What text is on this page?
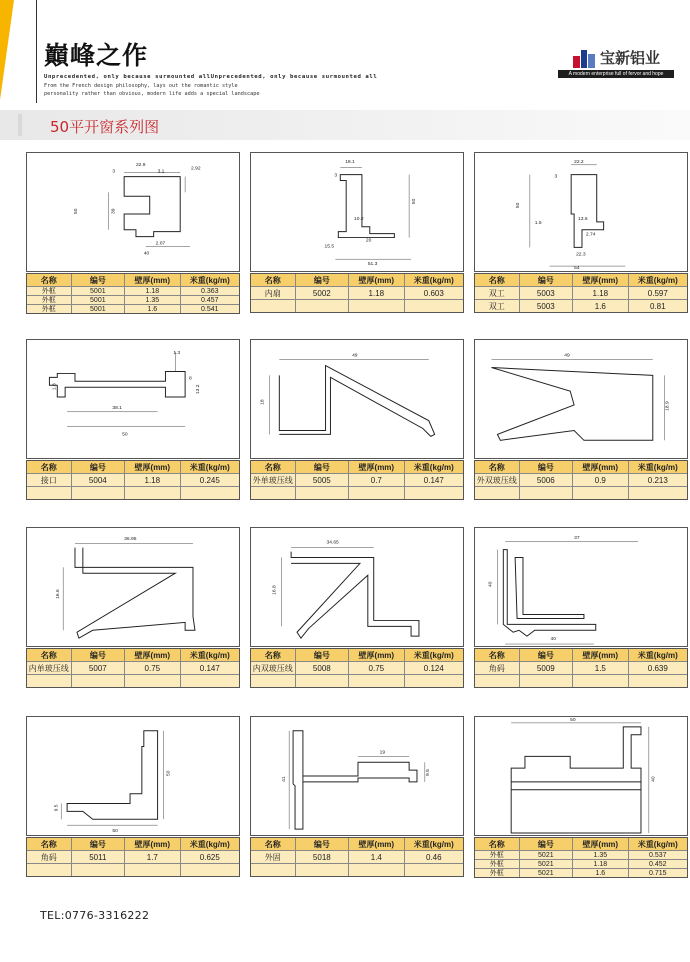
巔峰之作
Unprecedented, only because surmounted allUnprecedented, only because surmounted all
From the French design philosophy, lays out the romantic style
personality rather than obvious, modern life adds a special landscape
宝新铝业
A modern enterprise full of fervor and hope
50平开窗系列图
22.9
3	3.1
2.92
39
50
2.07
40
名称	编号	壁厚(mm)	米重(kg/m)
外框	5001	1.18	0.363
外框	5001	1.35	0.457
外框	5001	1.6	0.541
18.1
3
50
10.2
20
15.5
51.3
名称	编号	壁厚(mm)	米重(kg/m)
内扇	5002	1.18	0.603
22.2
3
50
13.6
1.5
2.74
22.3
54
名称	编号	壁厚(mm)	米重(kg/m)
双工	5003	1.18	0.597
双工	5003	1.6	0.81
1.3
8
13.2
1.8
38.1
50
名称	编号	壁厚(mm)	米重(kg/m)
接口	5004	1.18	0.245
49
18
名称	编号	壁厚(mm)	米重(kg/m)
外单玻压线	5005	0.7	0.147
49
18.9
名称	编号	壁厚(mm)	米重(kg/m)
外双玻压线	5006	0.9	0.213
36.95
16.6
名称	编号	壁厚(mm)	米重(kg/m)
内单玻压线	5007	0.75	0.147
34.65
16.8
名称	编号	壁厚(mm)	米重(kg/m)
内双玻压线	5008	0.75	0.124
37
40
40
名称	编号	壁厚(mm)	米重(kg/m)
角码	5009	1.5	0.639
50
9.5
50
名称	编号	壁厚(mm)	米重(kg/m)
角码	5011	1.7	0.625
19
41
9.5
名称	编号	壁厚(mm)	米重(kg/m)
外固	5018	1.4	0.46
50
40
名称	编号	壁厚(mm)	米重(kg/m)
外框	5021	1.35	0.537
外框	5021	1.18	0.452
外框	5021	1.6	0.715
TEL:0776-3316222
